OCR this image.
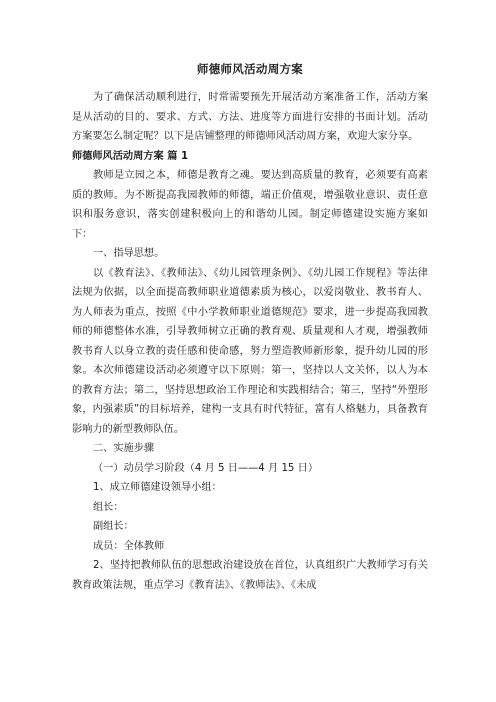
师德师风活动周方案

为了确保活动顺利进行，时常需要预先开展活动方案准备工作，活动方案是从活动的目的、要求、方式、方法、进度等方面进行安排的书面计划。活动方案要怎么制定呢？以下是店铺整理的师德师风活动周方案，欢迎大家分享。

师德师风活动周方案 篇 1

教师是立园之本，师德是教育之魂。要达到高质量的教育，必须要有高素质的教师。为不断提高我园教师的师德，端正价值观，增强敬业意识、责任意识和服务意识，落实创建积极向上的和谐幼儿园。制定师德建设实施方案如下：

一、指导思想。

以《教育法》、《教师法》、《幼儿园管理条例》、《幼儿园工作规程》等法律法规为依据，以全面提高教师职业道德素质为核心，以爱岗敬业、教书育人、为人师表为重点，按照《中小学教师职业道德规范》要求，进一步提高我园教师的师德整体水准，引导教师树立正确的教育观、质量观和人才观，增强教师教书育人以身立教的责任感和使命感，努力塑造教师新形象，提升幼儿园的形象。本次师德建设活动必须遵守以下原则：第一，坚持以人文关怀，以人为本的教育方法；第二，坚持思想政治工作理论和实践相结合；第三，坚持“外塑形象，内强素质”的目标培养，建构一支具有时代特征，富有人格魅力，具备教育影响力的新型教师队伍。

二、实施步骤

（一）动员学习阶段（4 月 5 日——4 月 15 日）

1、成立师德建设领导小组：

组长：

副组长：

成员：全体教师

2、坚持把教师队伍的思想政治建设放在首位，认真组织广大教师学习有关教育政策法规，重点学习《教育法》、《教师法》、《未成
